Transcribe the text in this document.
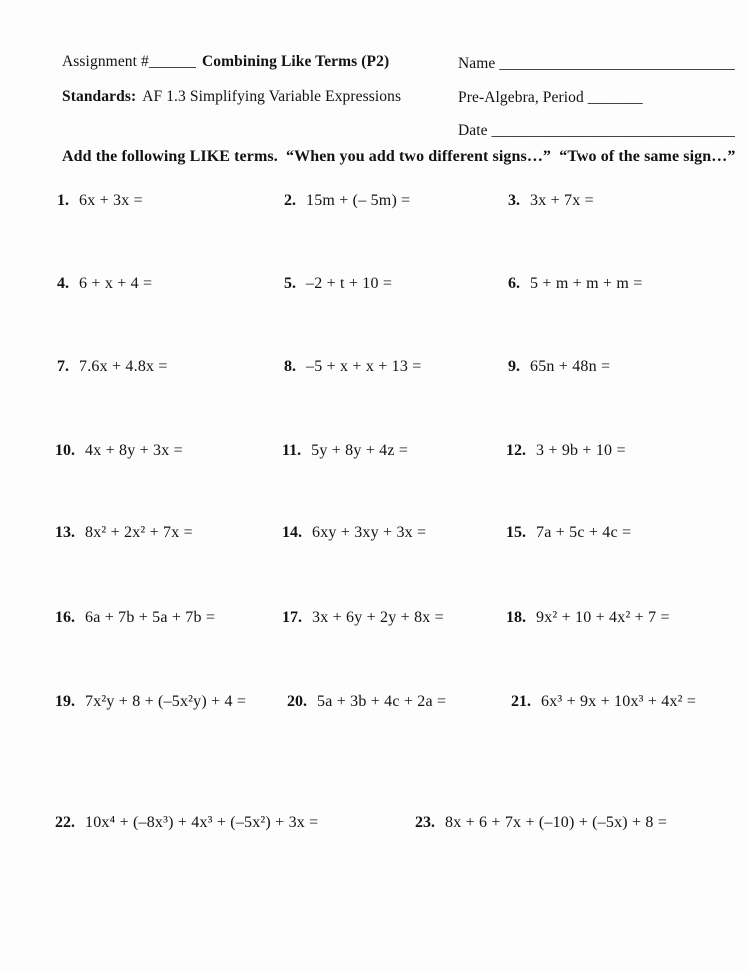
Assignment #______ Combining Like Terms (P2)
Standards: AF 1.3 Simplifying Variable Expressions
Name ______________________________
Pre-Algebra, Period _______
Date _______________________________
Add the following LIKE terms.  “When you add two different signs…”  “Two of the same sign…”
1. 6x + 3x =	2. 15m + (– 5m) =	3. 3x + 7x =
4. 6 + x + 4 =	5. –2 + t + 10 =	6. 5 + m + m + m =
7. 7.6x + 4.8x =	8. –5 + x + x + 13 =	9. 65n + 48n =
10. 4x + 8y + 3x =	11. 5y + 8y + 4z =	12. 3 + 9b + 10 =
13. 8x² + 2x² + 7x =	14. 6xy + 3xy + 3x =	15. 7a + 5c + 4c =
16. 6a + 7b + 5a + 7b =	17. 3x + 6y + 2y + 8x =	18. 9x² + 10 + 4x² + 7 =
19. 7x²y + 8 + (–5x²y) + 4 =	20. 5a + 3b + 4c + 2a =	21. 6x³ + 9x + 10x³ + 4x² =
22. 10x⁴ + (–8x³) + 4x³ + (–5x²) + 3x =	23. 8x + 6 + 7x + (–10) + (–5x) + 8 =
